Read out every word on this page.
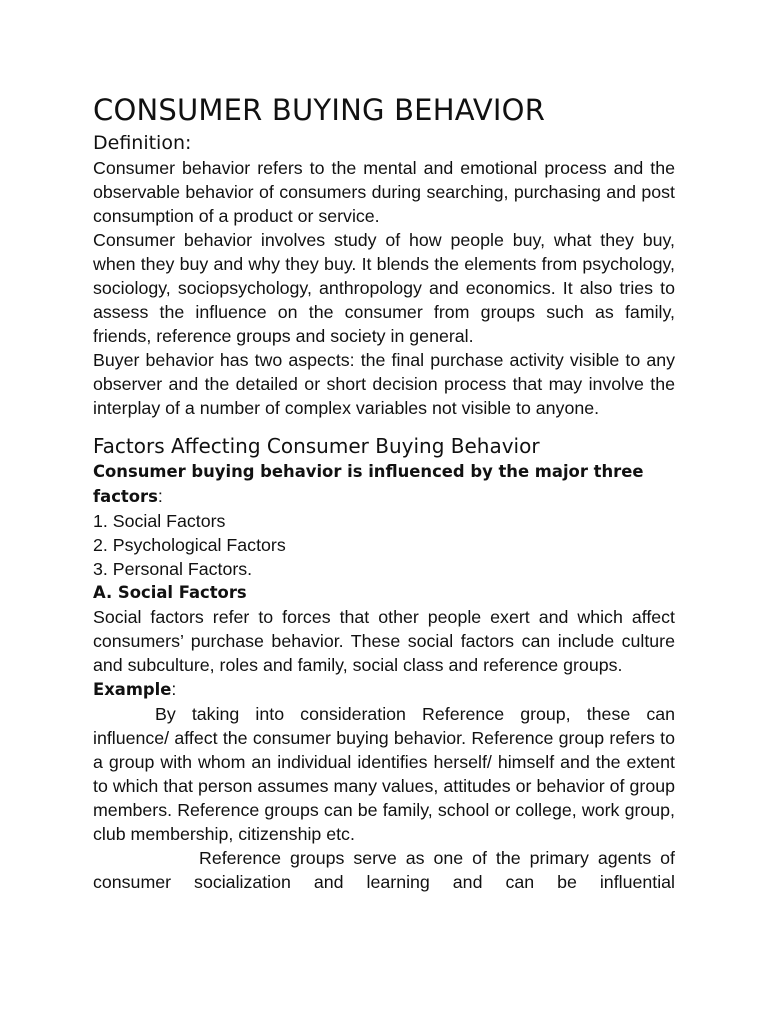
CONSUMER BUYING BEHAVIOR
Definition:

Consumer behavior refers to the mental and emotional process and the observable behavior of consumers during searching, purchasing and post consumption of a product or service.

Consumer behavior involves study of how people buy, what they buy, when they buy and why they buy. It blends the elements from psychology, sociology, sociopsychology, anthropology and economics. It also tries to assess the influence on the consumer from groups such as family, friends, reference groups and society in general.

Buyer behavior has two aspects: the final purchase activity visible to any observer and the detailed or short decision process that may involve the interplay of a number of complex variables not visible to anyone.

Factors Affecting Consumer Buying Behavior

Consumer buying behavior is influenced by the major three factors:

1. Social Factors
2. Psychological Factors
3. Personal Factors.

A. Social Factors

Social factors refer to forces that other people exert and which affect consumers’ purchase behavior. These social factors can include culture and subculture, roles and family, social class and reference groups.

Example:

By taking into consideration Reference group, these can influence/ affect the consumer buying behavior. Reference group refers to a group with whom an individual identifies herself/ himself and the extent to which that person assumes many values, attitudes or behavior of group members. Reference groups can be family, school or college, work group, club membership, citizenship etc.

Reference groups serve as one of the primary agents of consumer socialization and learning and can be influential
